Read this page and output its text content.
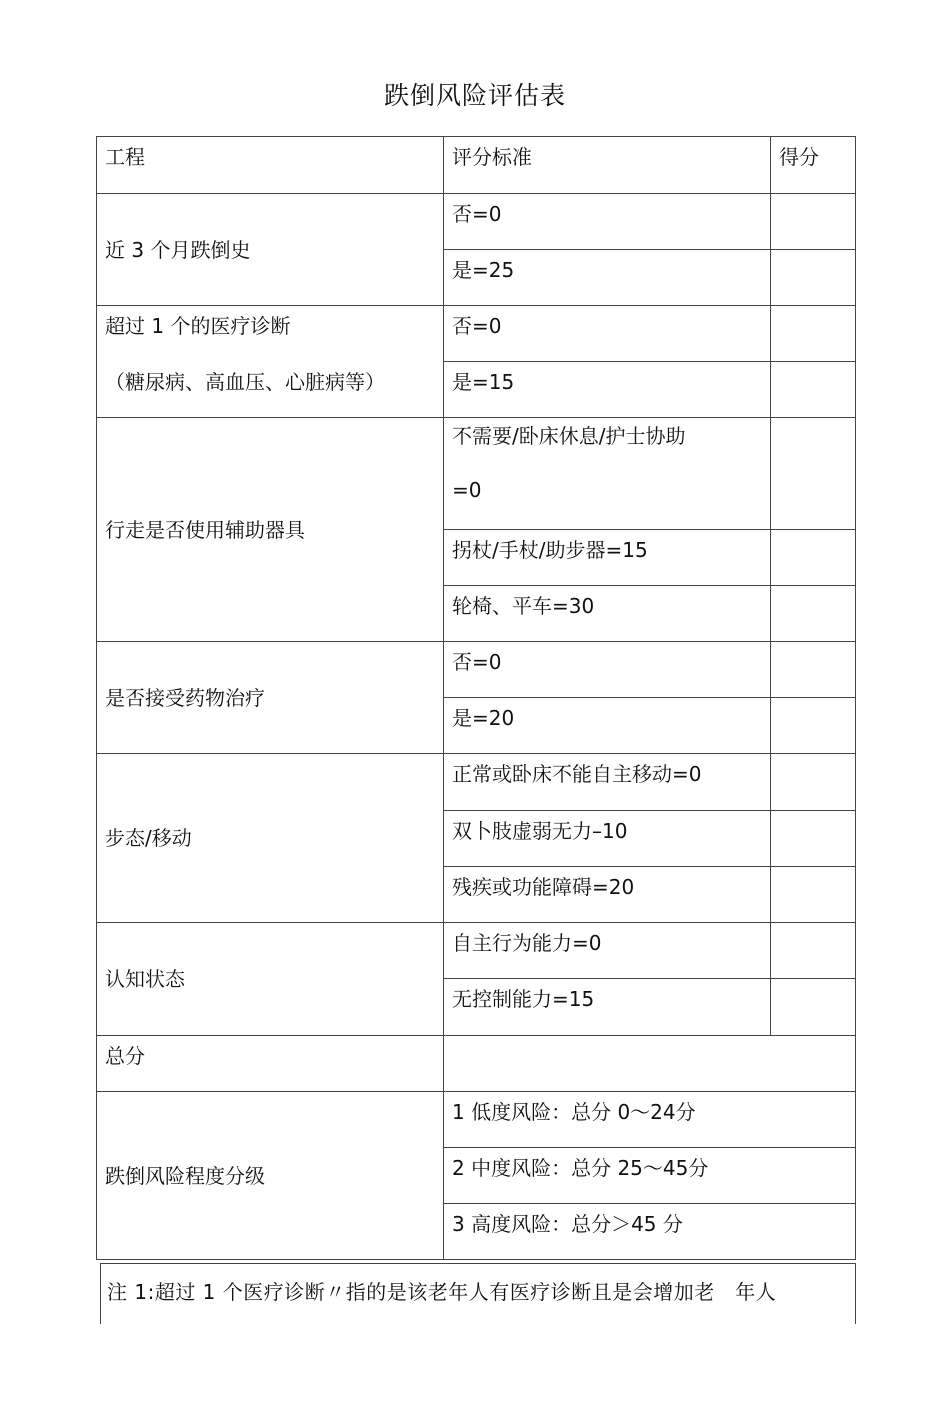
跌倒风险评估表
工程	评分标准	得分
近 3 个月跌倒史	否=0	
	是=25	

超过 1 个的医疗诊断
（糖尿病、高血压、心脏病等）	否=0	
	是=15	
行走是否使用辅助器具	不需要/卧床休息/护士协助
=0	

	拐杖/手杖/助步器=15	
	轮椅、平车=30	
是否接受药物治疗	否=0	
	是=20	
步态/移动	正常或卧床不能自主移动=0	
	双卜肢虚弱无力–10	
	残疾或功能障碍=20	
认知状态	自主行为能力=0	
	无控制能力=15	
总分		
跌倒风险程度分级	1 低度风险：总分 0～24分	
	2 中度风险：总分 25～45分	
	3 高度风险：总分＞45 分	
注 1:超过 1 个医疗诊断〃指的是该老年人有医疗诊断且是会增加老　年人
